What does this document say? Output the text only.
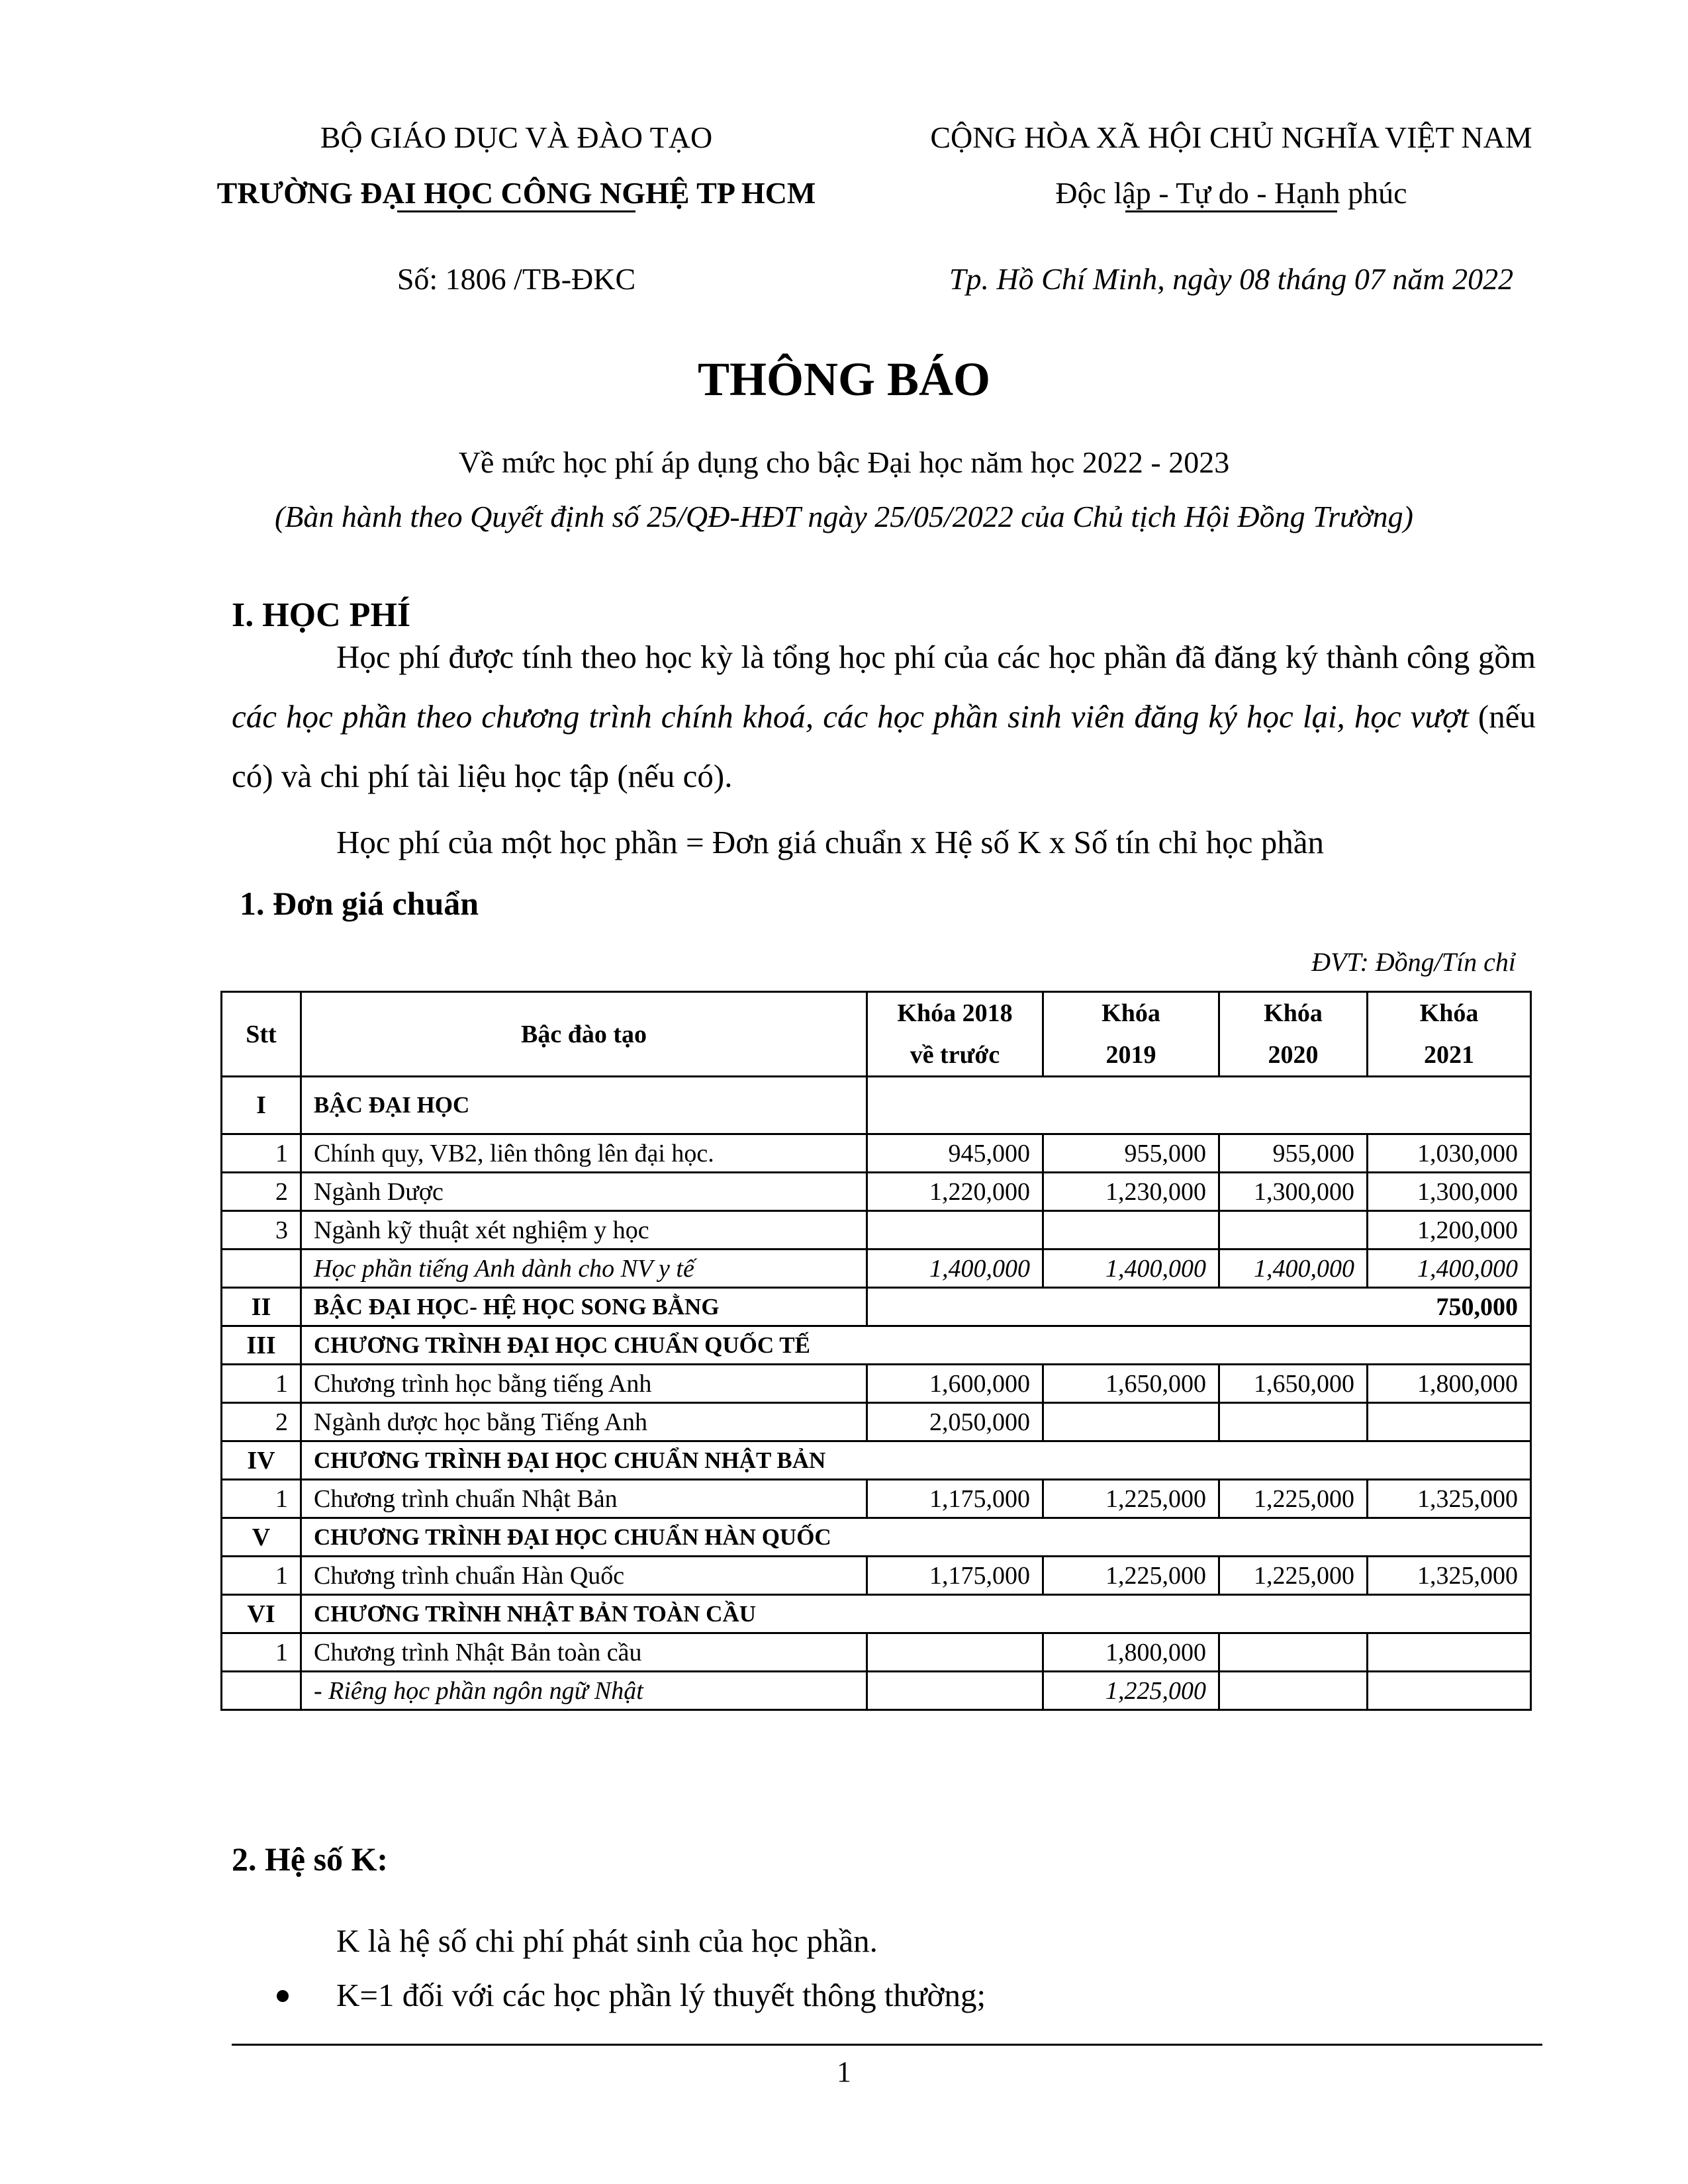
BỘ GIÁO DỤC VÀ ĐÀO TẠO
TRƯỜNG ĐẠI HỌC CÔNG NGHỆ TP HCM
CỘNG HÒA XÃ HỘI CHỦ NGHĨA VIỆT NAM
Độc lập - Tự do - Hạnh phúc
Số: 1806 /TB-ĐKC	Tp. Hồ Chí Minh, ngày 08 tháng 07 năm 2022
THÔNG BÁO
Về mức học phí áp dụng cho bậc Đại học năm học 2022 - 2023
(Bàn hành theo Quyết định số 25/QĐ-HĐT ngày 25/05/2022 của Chủ tịch Hội Đồng Trường)
I. HỌC PHÍ
Học phí được tính theo học kỳ là tổng học phí của các học phần đã đăng ký thành công gồm các học phần theo chương trình chính khoá, các học phần sinh viên đăng ký học lại, học vượt (nếu có) và chi phí tài liệu học tập (nếu có).
Học phí của một học phần = Đơn giá chuẩn x Hệ số K x Số tín chỉ học phần
1. Đơn giá chuẩn
ĐVT: Đồng/Tín chỉ
Stt	Bậc đào tạo	Khóa 2018	Khóa	Khóa	Khóa
		về trước	2019	2020	2021
I	BẬC ĐẠI HỌC				
1	Chính quy, VB2, liên thông lên đại học.	945,000	955,000	955,000	1,030,000
2	Ngành Dược	1,220,000	1,230,000	1,300,000	1,300,000
3	Ngành kỹ thuật xét nghiệm y học				1,200,000
	Học phần tiếng Anh dành cho NV y tế	1,400,000	1,400,000	1,400,000	1,400,000
II	BẬC ĐẠI HỌC- HỆ HỌC SONG BẰNG	750,000			
III	CHƯƠNG TRÌNH ĐẠI HỌC CHUẨN QUỐC TẾ				
1	Chương trình học bằng tiếng Anh	1,600,000	1,650,000	1,650,000	1,800,000
2	Ngành dược học bằng Tiếng Anh	2,050,000			
IV	CHƯƠNG TRÌNH ĐẠI HỌC CHUẨN NHẬT BẢN				
1	Chương trình chuẩn Nhật Bản	1,175,000	1,225,000	1,225,000	1,325,000
V	CHƯƠNG TRÌNH ĐẠI HỌC CHUẨN HÀN QUỐC				
1	Chương trình chuẩn Hàn Quốc	1,175,000	1,225,000	1,225,000	1,325,000
VI	CHƯƠNG TRÌNH NHẬT BẢN TOÀN CẦU				
1	Chương trình Nhật Bản toàn cầu		1,800,000		
	- Riêng học phần ngôn ngữ Nhật		1,225,000		
2. Hệ số K:
K là hệ số chi phí phát sinh của học phần.
K=1 đối với các học phần lý thuyết thông thường;
1
